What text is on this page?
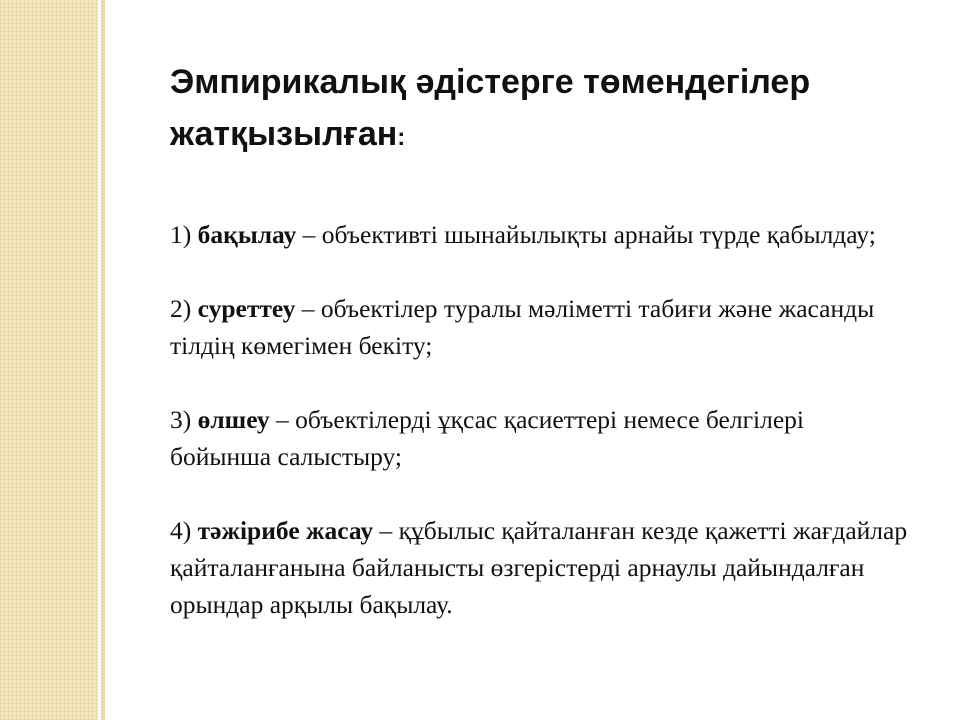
Эмпирикалық әдістерге төмендегілер жатқызылған:

1) бақылау – объективті шынайылықты арнайы түрде қабылдау;

2) суреттеу – объектілер туралы мәліметті табиғи және жасанды тілдің көмегімен бекіту;

3) өлшеу – объектілерді ұқсас қасиеттері немесе белгілері бойынша салыстыру;

4) тәжірибе жасау – құбылыс қайталанған кезде қажетті жағдайлар қайталанғанына байланысты өзгерістерді арнаулы дайындалған орындар арқылы бақылау.
